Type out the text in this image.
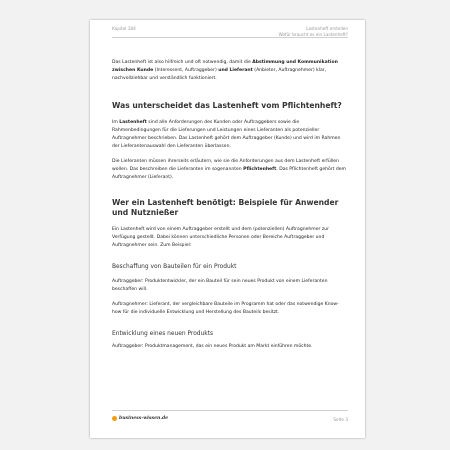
Kapitel 184	Lastenheft erstellen
Wofür braucht es ein Lastenheft?

Das Lastenheft ist also hilfreich und oft notwendig, damit die Abstimmung und Kommunikation zwischen Kunde (Interessent, Auftraggeber) und Lieferant (Anbieter, Auftragnehmer) klar, nachvollziehbar und verständlich funktioniert.

Was unterscheidet das Lastenheft vom Pflichtenheft?

Im Lastenheft sind alle Anforderungen des Kunden oder Auftraggebers sowie die Rahmenbedingungen für die Lieferungen und Leistungen eines Lieferanten als potenzieller Auftragnehmer beschrieben. Das Lastenheft gehört dem Auftraggeber (Kunde) und wird im Rahmen der Lieferantenauswahl den Lieferanten überlassen.

Die Lieferanten müssen ihrerseits erläutern, wie sie die Anforderungen aus dem Lastenheft erfüllen wollen. Das beschreiben die Lieferanten im sogenannten Pflichtenheft. Das Pflichtenheft gehört dem Auftragnehmer (Lieferant).

Wer ein Lastenheft benötigt: Beispiele für Anwender und Nutznießer

Ein Lastenheft wird von einem Auftraggeber erstellt und dem (potenziellen) Auftragnehmer zur Verfügung gestellt. Dabei können unterschiedliche Personen oder Bereiche Auftraggeber und Auftragnehmer sein. Zum Beispiel:

Beschaffung von Bauteilen für ein Produkt

Auftraggeber: Produktentwickler, der ein Bauteil für sein neues Produkt von einem Lieferanten beschaffen will.

Auftragnehmer: Lieferant, der vergleichbare Bauteile im Programm hat oder das notwendige Know-how für die individuelle Entwicklung und Herstellung des Bauteils besitzt.

Entwicklung eines neuen Produkts

Auftraggeber: Produktmanagement, das ein neues Produkt am Markt einführen möchte.

business-wissen.de	Seite 3
